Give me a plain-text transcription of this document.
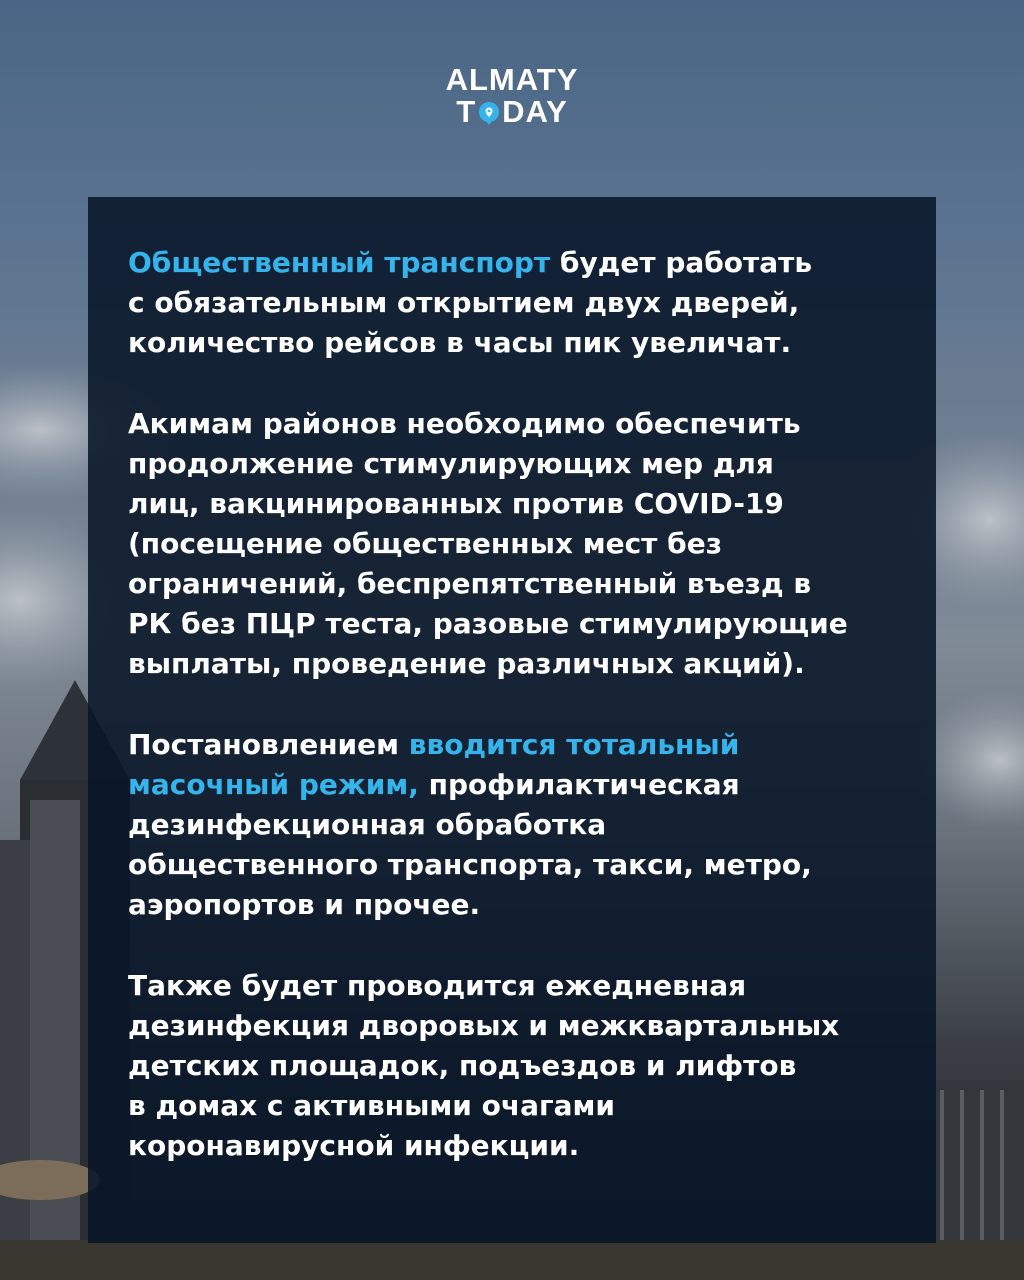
ALMATY
T DAY

Общественный транспорт будет работать
с обязательным открытием двух дверей,
количество рейсов в часы пик увеличат.

Акимам районов необходимо обеспечить
продолжение стимулирующих мер для
лиц, вакцинированных против COVID-19
(посещение общественных мест без
ограничений, беспрепятственный въезд в
РК без ПЦР теста, разовые стимулирующие
выплаты, проведение различных акций).

Постановлением вводится тотальный
масочный режим, профилактическая
дезинфекционная обработка
общественного транспорта, такси, метро,
аэропортов и прочее.

Также будет проводится ежедневная
дезинфекция дворовых и межквартальных
детских площадок, подъездов и лифтов
в домах с активными очагами
коронавирусной инфекции.
